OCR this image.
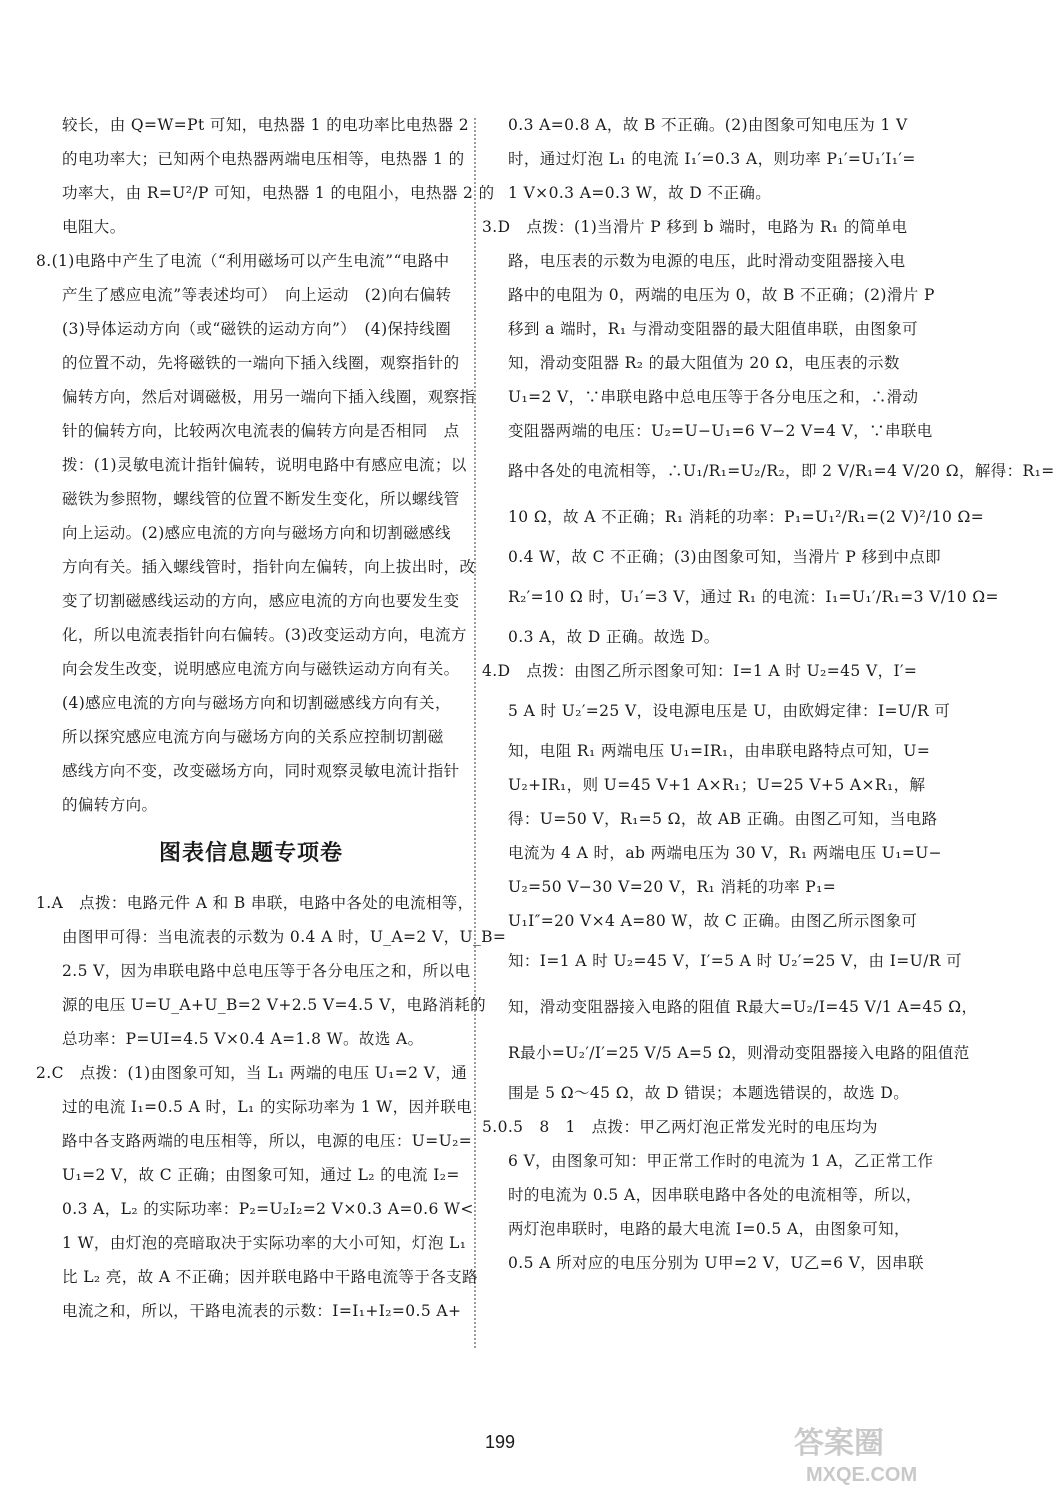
较长，由 Q=W=Pt 可知，电热器 1 的电功率比电热器 2
的电功率大；已知两个电热器两端电压相等，电热器 1 的
功率大，由 R=U²/P 可知，电热器 1 的电阻小，电热器 2 的
电阻大。
8.(1)电路中产生了电流（“利用磁场可以产生电流”“电路中
产生了感应电流”等表述均可）　向上运动　(2)向右偏转
(3)导体运动方向（或“磁铁的运动方向”）　(4)保持线圈
的位置不动，先将磁铁的一端向下插入线圈，观察指针的
偏转方向，然后对调磁极，用另一端向下插入线圈，观察指
针的偏转方向，比较两次电流表的偏转方向是否相同　点
拨：(1)灵敏电流计指针偏转，说明电路中有感应电流；以
磁铁为参照物，螺线管的位置不断发生变化，所以螺线管
向上运动。(2)感应电流的方向与磁场方向和切割磁感线
方向有关。插入螺线管时，指针向左偏转，向上拔出时，改
变了切割磁感线运动的方向，感应电流的方向也要发生变
化，所以电流表指针向右偏转。(3)改变运动方向，电流方
向会发生改变，说明感应电流方向与磁铁运动方向有关。
(4)感应电流的方向与磁场方向和切割磁感线方向有关，
所以探究感应电流方向与磁场方向的关系应控制切割磁
感线方向不变，改变磁场方向，同时观察灵敏电流计指针
的偏转方向。
图表信息题专项卷
1.A　点拨：电路元件 A 和 B 串联，电路中各处的电流相等，
由图甲可得：当电流表的示数为 0.4 A 时，U_A=2 V，U_B=
2.5 V，因为串联电路中总电压等于各分电压之和，所以电
源的电压 U=U_A+U_B=2 V+2.5 V=4.5 V，电路消耗的
总功率：P=UI=4.5 V×0.4 A=1.8 W。故选 A。
2.C　点拨：(1)由图象可知，当 L₁ 两端的电压 U₁=2 V，通
过的电流 I₁=0.5 A 时，L₁ 的实际功率为 1 W，因并联电
路中各支路两端的电压相等，所以，电源的电压：U=U₂=
U₁=2 V，故 C 正确；由图象可知，通过 L₂ 的电流 I₂=
0.3 A，L₂ 的实际功率：P₂=U₂I₂=2 V×0.3 A=0.6 W<
1 W，由灯泡的亮暗取决于实际功率的大小可知，灯泡 L₁
比 L₂ 亮，故 A 不正确；因并联电路中干路电流等于各支路
电流之和，所以，干路电流表的示数：I=I₁+I₂=0.5 A+
0.3 A=0.8 A，故 B 不正确。(2)由图象可知电压为 1 V
时，通过灯泡 L₁ 的电流 I₁′=0.3 A，则功率 P₁′=U₁′I₁′=
1 V×0.3 A=0.3 W，故 D 不正确。
3.D　点拨：(1)当滑片 P 移到 b 端时，电路为 R₁ 的简单电
路，电压表的示数为电源的电压，此时滑动变阻器接入电
路中的电阻为 0，两端的电压为 0，故 B 不正确；(2)滑片 P
移到 a 端时，R₁ 与滑动变阻器的最大阻值串联，由图象可
知，滑动变阻器 R₂ 的最大阻值为 20 Ω，电压表的示数
U₁=2 V，∵串联电路中总电压等于各分电压之和，∴滑动
变阻器两端的电压：U₂=U−U₁=6 V−2 V=4 V，∵串联电
路中各处的电流相等，∴U₁/R₁=U₂/R₂，即 2 V/R₁=4 V/20 Ω，解得：R₁=
10 Ω，故 A 不正确；R₁ 消耗的功率：P₁=U₁²/R₁=(2 V)²/10 Ω=
0.4 W，故 C 不正确；(3)由图象可知，当滑片 P 移到中点即
R₂′=10 Ω 时，U₁′=3 V，通过 R₁ 的电流：I₁=U₁′/R₁=3 V/10 Ω=
0.3 A，故 D 正确。故选 D。
4.D　点拨：由图乙所示图象可知：I=1 A 时 U₂=45 V，I′=
5 A 时 U₂′=25 V，设电源电压是 U，由欧姆定律：I=U/R 可
知，电阻 R₁ 两端电压 U₁=IR₁，由串联电路特点可知，U=
U₂+IR₁，则 U=45 V+1 A×R₁；U=25 V+5 A×R₁，解
得：U=50 V，R₁=5 Ω，故 AB 正确。由图乙可知，当电路
电流为 4 A 时，ab 两端电压为 30 V，R₁ 两端电压 U₁=U−
U₂=50 V−30 V=20 V，R₁ 消耗的功率 P₁=
U₁I″=20 V×4 A=80 W，故 C 正确。由图乙所示图象可
知：I=1 A 时 U₂=45 V，I′=5 A 时 U₂′=25 V，由 I=U/R 可
知，滑动变阻器接入电路的阻值 R最大=U₂/I=45 V/1 A=45 Ω，
R最小=U₂′/I′=25 V/5 A=5 Ω，则滑动变阻器接入电路的阻值范
围是 5 Ω～45 Ω，故 D 错误；本题选错误的，故选 D。
5.0.5　8　1　点拨：甲乙两灯泡正常发光时的电压均为
6 V，由图象可知：甲正常工作时的电流为 1 A，乙正常工作
时的电流为 0.5 A，因串联电路中各处的电流相等，所以，
两灯泡串联时，电路的最大电流 I=0.5 A，由图象可知，
0.5 A 所对应的电压分别为 U甲=2 V，U乙=6 V，因串联
199	答案圈
MXQE.COM
